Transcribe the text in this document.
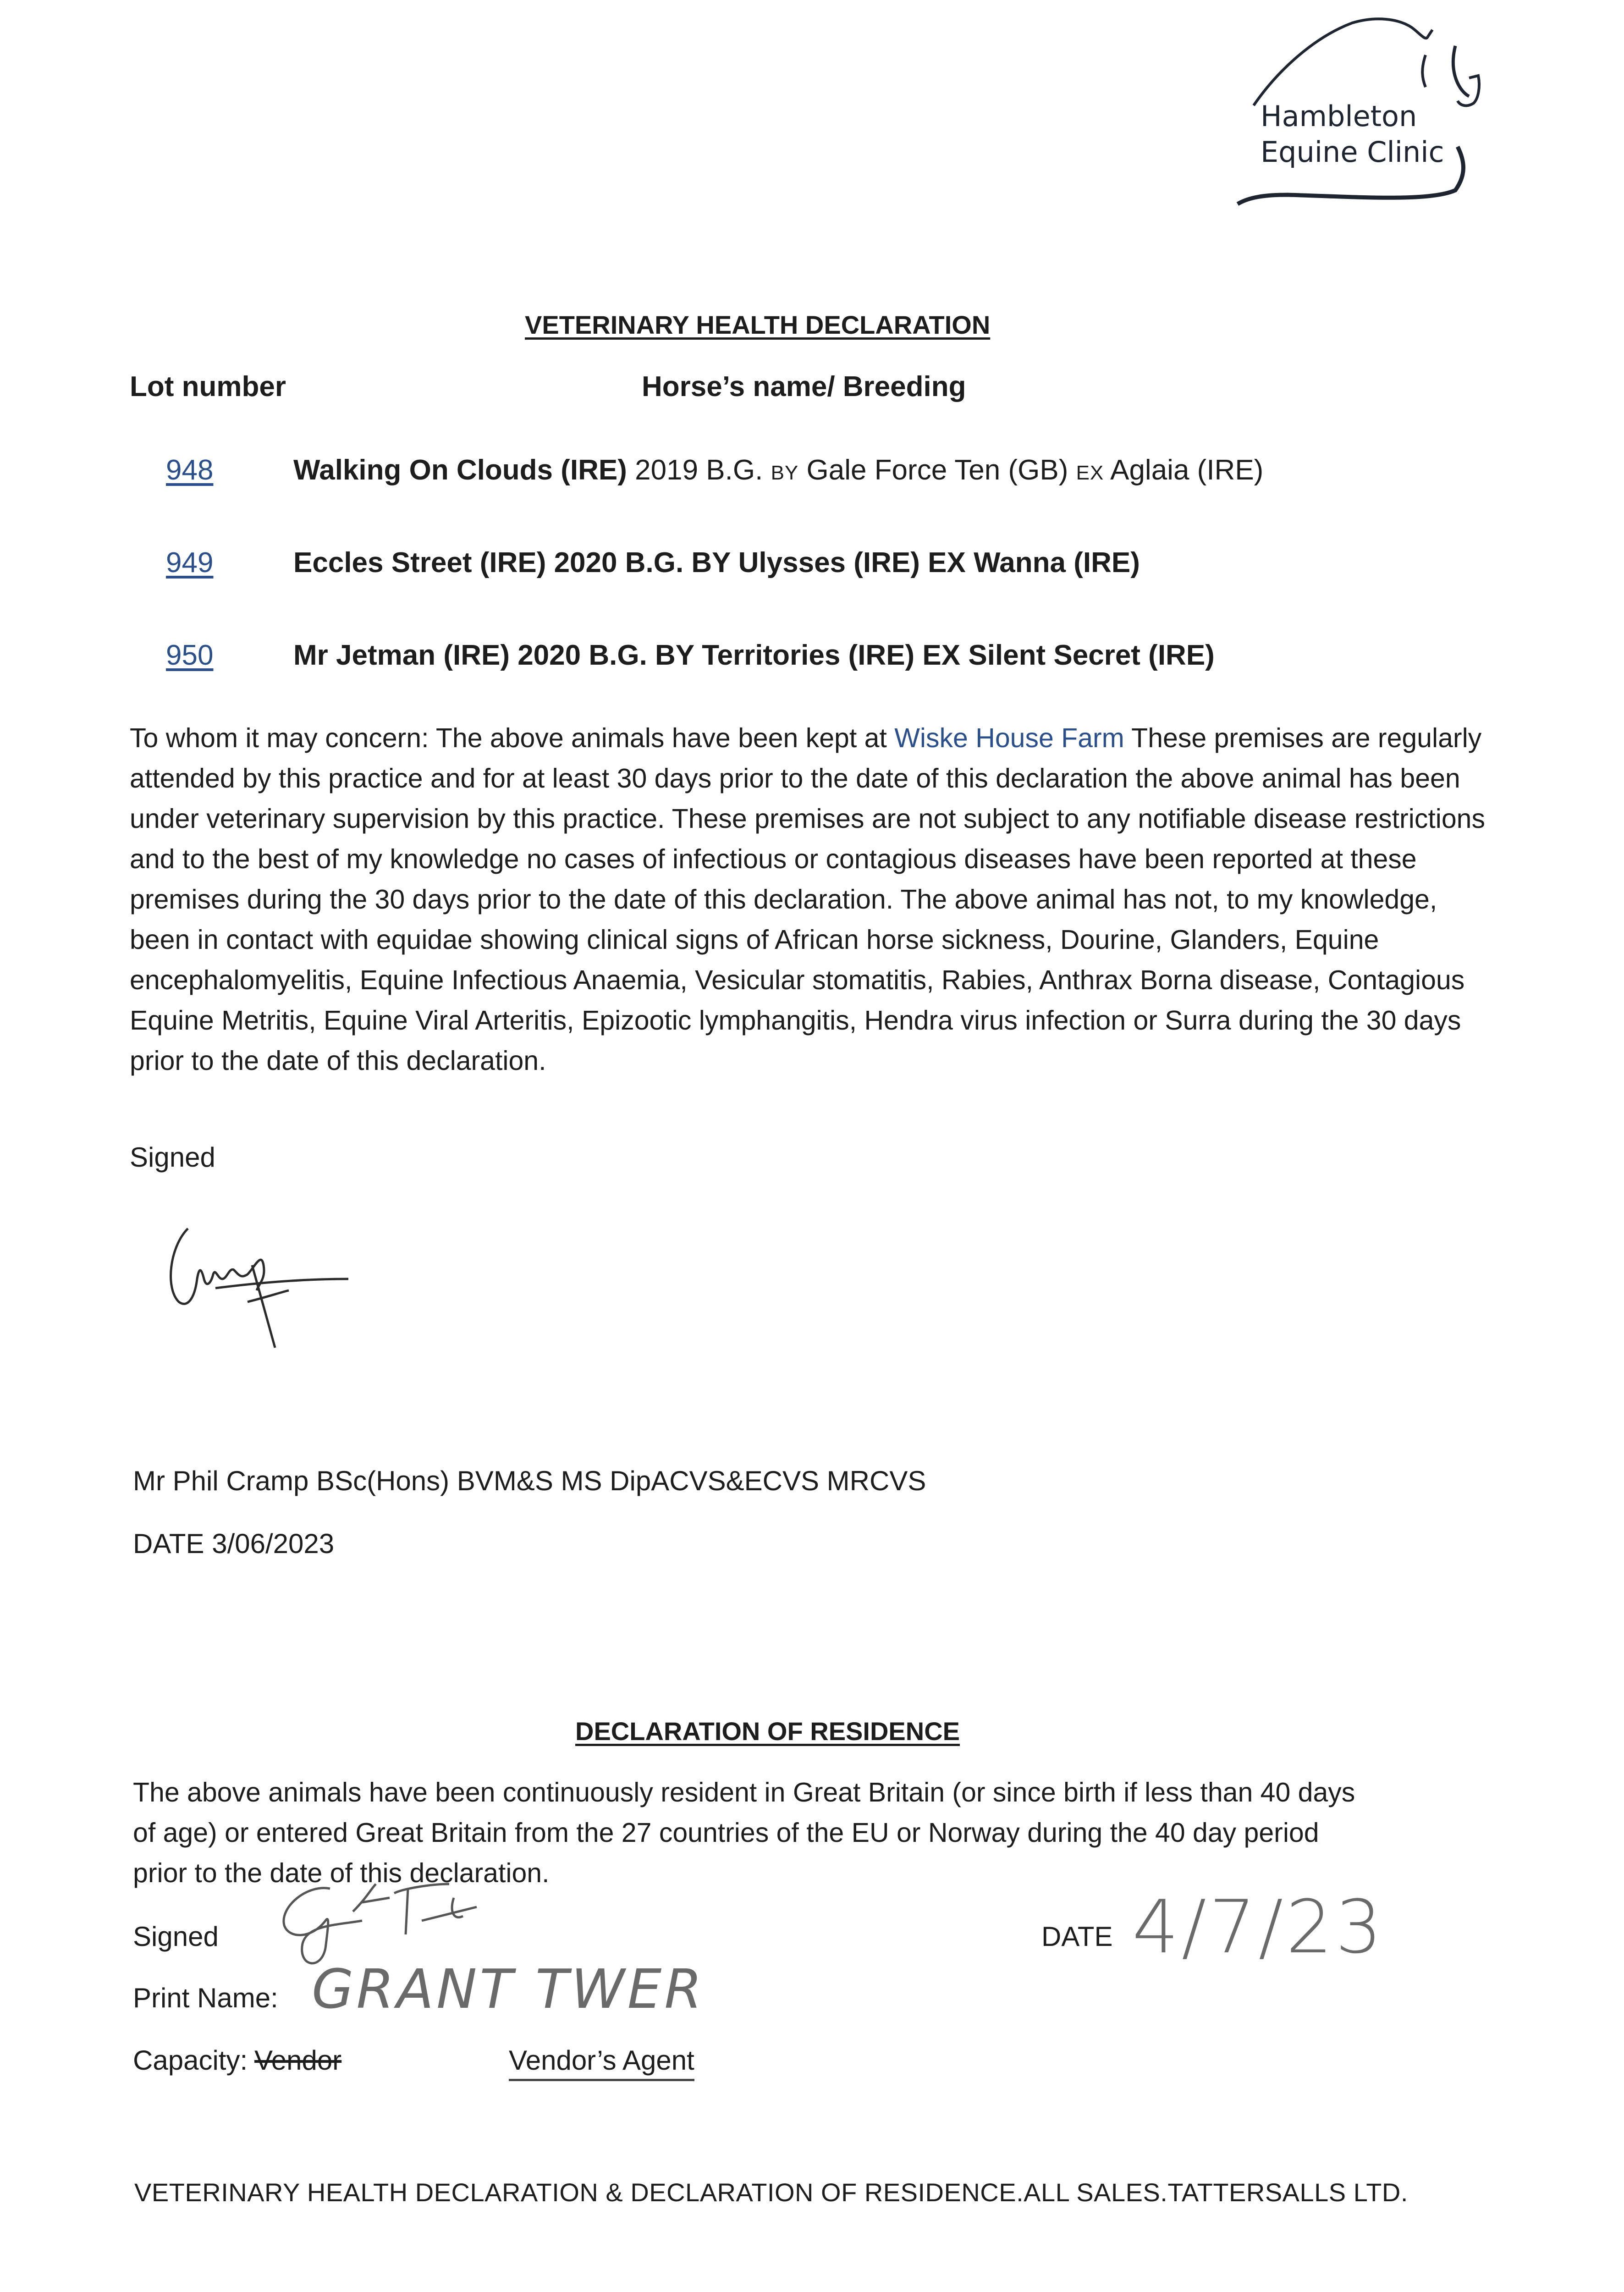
Hambleton
Equine Clinic
VETERINARY HEALTH DECLARATION
Lot number	Horse’s name/ Breeding
948	Walking On Clouds (IRE) 2019 B.G. BY Gale Force Ten (GB) EX Aglaia (IRE)
949	Eccles Street (IRE) 2020 B.G. BY Ulysses (IRE) EX Wanna (IRE)
950	Mr Jetman (IRE) 2020 B.G. BY Territories (IRE) EX Silent Secret (IRE)
To whom it may concern: The above animals have been kept at Wiske House Farm These premises are regularly attended by this practice and for at least 30 days prior to the date of this declaration the above animal has been under veterinary supervision by this practice. These premises are not subject to any notifiable disease restrictions and to the best of my knowledge no cases of infectious or contagious diseases have been reported at these premises during the 30 days prior to the date of this declaration. The above animal has not, to my knowledge, been in contact with equidae showing clinical signs of African horse sickness, Dourine, Glanders, Equine encephalomyelitis, Equine Infectious Anaemia, Vesicular stomatitis, Rabies, Anthrax Borna disease, Contagious Equine Metritis, Equine Viral Arteritis, Epizootic lymphangitis, Hendra virus infection or Surra during the 30 days prior to the date of this declaration.
Signed
Mr Phil Cramp BSc(Hons) BVM&S MS DipACVS&ECVS MRCVS
DATE 3/06/2023
DECLARATION OF RESIDENCE
The above animals have been continuously resident in Great Britain (or since birth if less than 40 days of age) or entered Great Britain from the 27 countries of the EU or Norway during the 40 day period prior to the date of this declaration.
Signed	DATE 4/7/23
Print Name: GRANT TWER
Capacity: Vendor	Vendor’s Agent
VETERINARY HEALTH DECLARATION & DECLARATION OF RESIDENCE.ALL SALES.TATTERSALLS LTD.
